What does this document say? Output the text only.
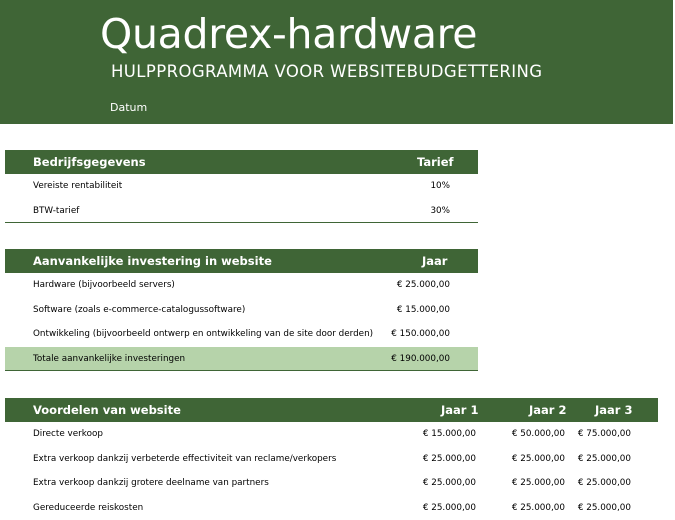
Quadrex-hardware
HULPPROGRAMMA VOOR WEBSITEBUDGETTERING
Datum
Bedrijfsgegevens	Tarief
Vereiste rentabiliteit	10%
BTW-tarief	30%
Aanvankelijke investering in website	Jaar
Hardware (bijvoorbeeld servers)	€ 25.000,00
Software (zoals e-commerce-catalogussoftware)	€ 15.000,00
Ontwikkeling (bijvoorbeeld ontwerp en ontwikkeling van de site door derden) € 150.000,00
Totale aanvankelijke investeringen	€ 190.000,00
Voordelen van website	Jaar 1	Jaar 2 Jaar 3
Directe verkoop	€ 15.000,00	€ 50.000,00 € 75.000,00
Extra verkoop dankzij verbeterde effectiviteit van reclame/verkopers	€ 25.000,00	€ 25.000,00 € 25.000,00
Extra verkoop dankzij grotere deelname van partners	€ 25.000,00	€ 25.000,00 € 25.000,00
Gereduceerde reiskosten	€ 25.000,00	€ 25.000,00 € 25.000,00
